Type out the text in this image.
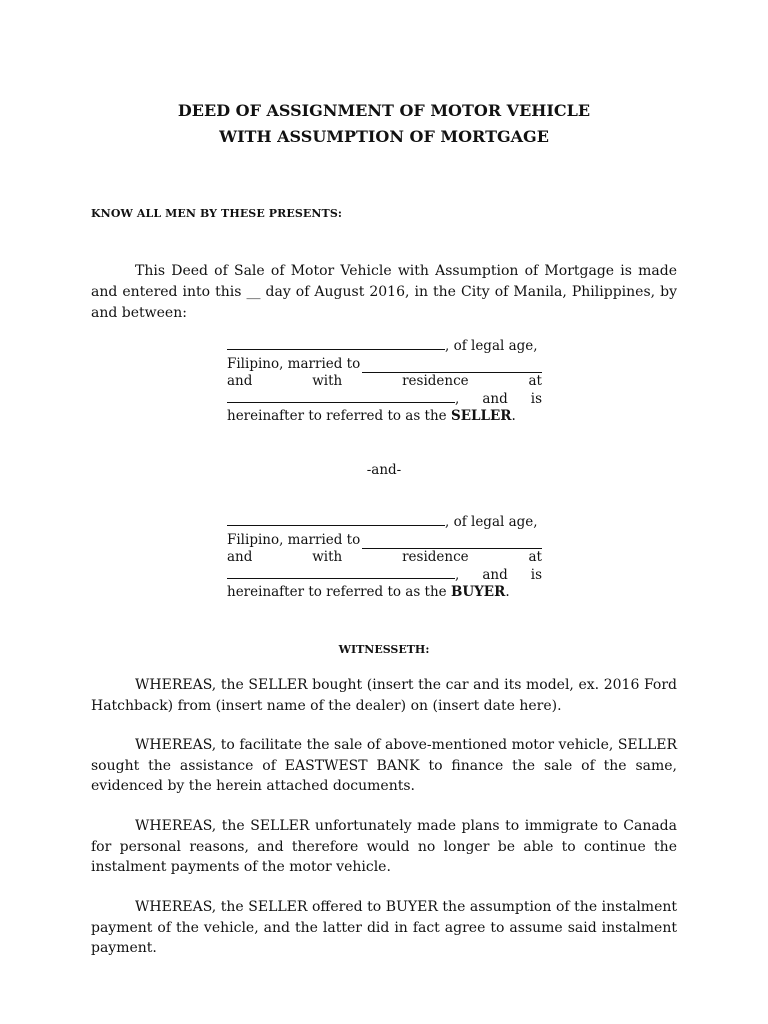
DEED OF ASSIGNMENT OF MOTOR VEHICLE
WITH ASSUMPTION OF MORTGAGE
KNOW ALL MEN BY THESE PRESENTS:
This Deed of Sale of Motor Vehicle with Assumption of Mortgage is made and entered into this __ day of August 2016, in the City of Manila, Philippines, by and between:
, of legal age,
Filipino, married to
and	with	residence	at
, and is
hereinafter to referred to as the SELLER.
-and-
, of legal age,
Filipino, married to
and	with	residence	at
, and is
hereinafter to referred to as the BUYER.
WITNESSETH:
WHEREAS, the SELLER bought (insert the car and its model, ex. 2016 Ford Hatchback) from (insert name of the dealer) on (insert date here).
WHEREAS, to facilitate the sale of above-mentioned motor vehicle, SELLER sought the assistance of EASTWEST BANK to finance the sale of the same, evidenced by the herein attached documents.
WHEREAS, the SELLER unfortunately made plans to immigrate to Canada for personal reasons, and therefore would no longer be able to continue the instalment payments of the motor vehicle.
WHEREAS, the SELLER offered to BUYER the assumption of the instalment payment of the vehicle, and the latter did in fact agree to assume said instalment payment.
